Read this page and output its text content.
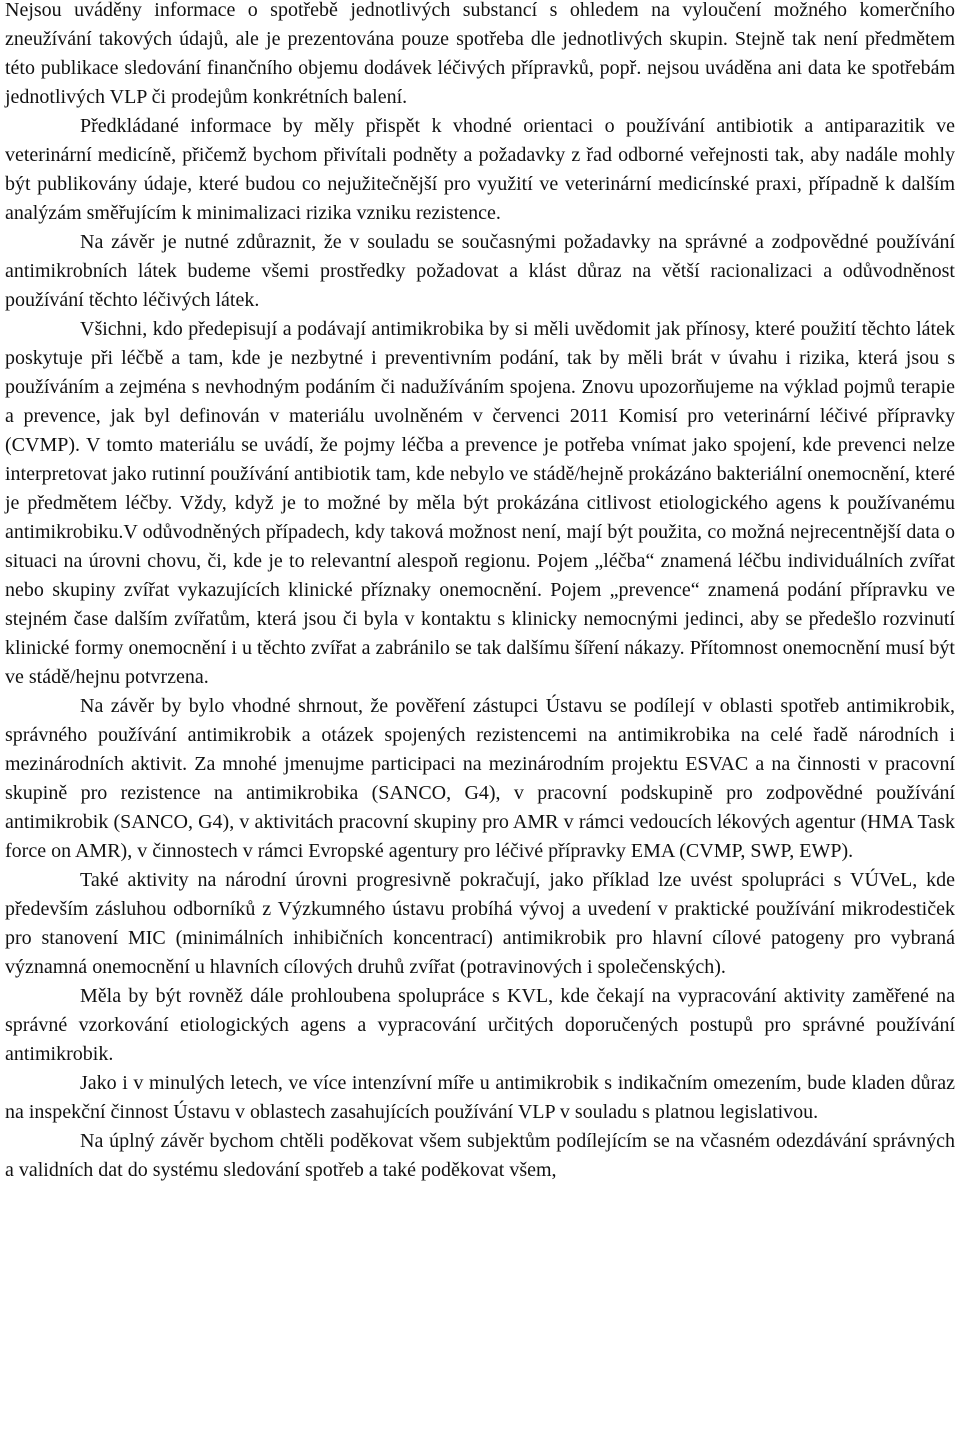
Nejsou uváděny informace o spotřebě jednotlivých substancí s ohledem na vyloučení možného komerčního zneužívání takových údajů, ale je prezentována pouze spotřeba dle jednotlivých skupin. Stejně tak není předmětem této publikace sledování finančního objemu dodávek léčivých přípravků, popř. nejsou uváděna ani data ke spotřebám jednotlivých VLP či prodejům konkrétních balení.

Předkládané informace by měly přispět k vhodné orientaci o používání antibiotik a antiparazitik ve veterinární medicíně, přičemž bychom přivítali podněty a požadavky z řad odborné veřejnosti tak, aby nadále mohly být publikovány údaje, které budou co nejužitečnější pro využití ve veterinární medicínské praxi, případně k dalším analýzám směřujícím k minimalizaci rizika vzniku rezistence.

Na závěr je nutné zdůraznit, že v souladu se současnými požadavky na správné a zodpovědné používání antimikrobních látek budeme všemi prostředky požadovat a klást důraz na větší racionalizaci a odůvodněnost používání těchto léčivých látek.

Všichni, kdo předepisují a podávají antimikrobika by si měli uvědomit jak přínosy, které použití těchto látek poskytuje při léčbě a tam, kde je nezbytné i preventivním podání, tak by měli brát v úvahu i rizika, která jsou s používáním a zejména s nevhodným podáním či nadužíváním spojena. Znovu upozorňujeme na výklad pojmů terapie a prevence, jak byl definován v materiálu uvolněném v červenci 2011 Komisí pro veterinární léčivé přípravky (CVMP). V tomto materiálu se uvádí, že pojmy léčba a prevence je potřeba vnímat jako spojení, kde prevenci nelze interpretovat jako rutinní používání antibiotik tam, kde nebylo ve stádě/hejně prokázáno bakteriální onemocnění, které je předmětem léčby. Vždy, když je to možné by měla být prokázána citlivost etiologického agens k používanému antimikrobiku.V odůvodněných případech, kdy taková možnost není, mají být použita, co možná nejrecentnější data o situaci na úrovni chovu, či, kde je to relevantní alespoň regionu. Pojem „léčba“ znamená léčbu individuálních zvířat nebo skupiny zvířat vykazujících klinické příznaky onemocnění. Pojem „prevence“ znamená podání přípravku ve stejném čase dalším zvířatům, která jsou či byla v kontaktu s klinicky nemocnými jedinci, aby se předešlo rozvinutí klinické formy onemocnění i u těchto zvířat a zabránilo se tak dalšímu šíření nákazy. Přítomnost onemocnění musí být ve stádě/hejnu potvrzena.

Na závěr by bylo vhodné shrnout, že pověření zástupci Ústavu se podílejí v oblasti spotřeb antimikrobik, správného používání antimikrobik a otázek spojených rezistencemi na antimikrobika na celé řadě národních i mezinárodních aktivit. Za mnohé jmenujme participaci na mezinárodním projektu ESVAC a na činnosti v pracovní skupině pro rezistence na antimikrobika (SANCO, G4), v pracovní podskupině pro zodpovědné používání antimikrobik (SANCO, G4), v aktivitách pracovní skupiny pro AMR v rámci vedoucích lékových agentur (HMA Task force on AMR), v činnostech v rámci Evropské agentury pro léčivé přípravky EMA (CVMP, SWP, EWP).

Také aktivity na národní úrovni progresivně pokračují, jako příklad lze uvést spolupráci s VÚVeL, kde především zásluhou odborníků z Výzkumného ústavu probíhá vývoj a uvedení v praktické používání mikrodestiček pro stanovení MIC (minimálních inhibičních koncentrací) antimikrobik pro hlavní cílové patogeny pro vybraná významná onemocnění u hlavních cílových druhů zvířat (potravinových i společenských).

Měla by být rovněž dále prohloubena spolupráce s KVL, kde čekají na vypracování aktivity zaměřené na správné vzorkování etiologických agens a vypracování určitých doporučených postupů pro správné používání antimikrobik.

Jako i v minulých letech, ve více intenzívní míře u antimikrobik s indikačním omezením, bude kladen důraz na inspekční činnost Ústavu v oblastech zasahujících používání VLP v souladu s platnou legislativou.

Na úplný závěr bychom chtěli poděkovat všem subjektům podílejícím se na včasném odezdávání správných a validních dat do systému sledování spotřeb a také poděkovat všem,
